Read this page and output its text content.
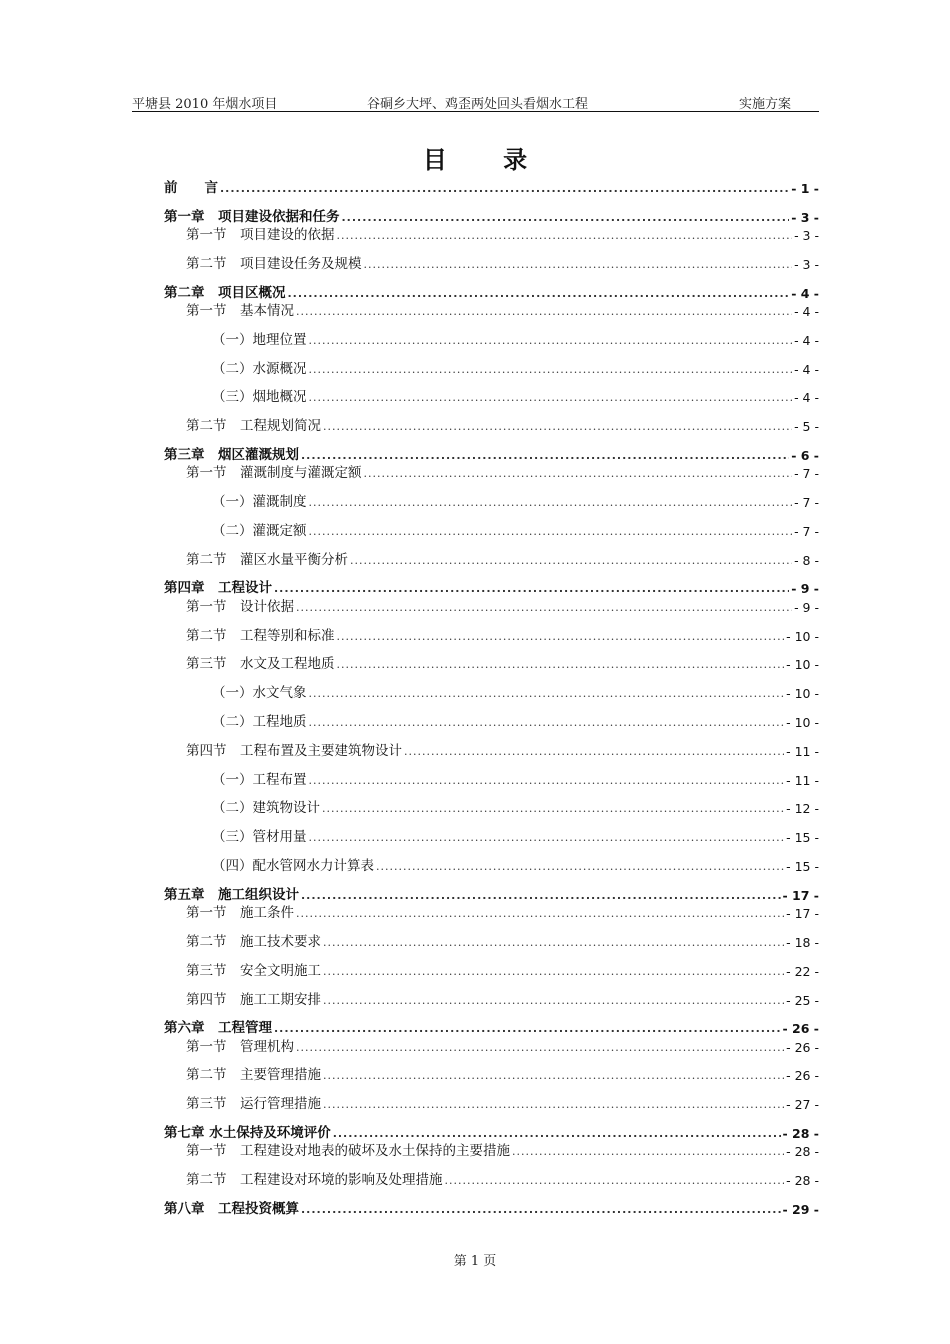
平塘县 2010 年烟水项目	谷硐乡大坪、鸡歪两处回头看烟水工程	实施方案
目 录
前　　言 .....	- 1 -
第一章　项目建设依据和任务 .....	- 3 -
第一节　项目建设的依据 .....	- 3 -
第二节　项目建设任务及规模 .....	- 3 -
第二章　项目区概况 .....	- 4 -
第一节　基本情况 .....	- 4 -
（一）地理位置 .....	- 4 -
（二）水源概况 .....	- 4 -
（三）烟地概况 .....	- 4 -
第二节　工程规划简况 .....	- 5 -
第三章　烟区灌溉规划 .....	- 6 -
第一节　灌溉制度与灌溉定额 .....	- 7 -
（一）灌溉制度 .....	- 7 -
（二）灌溉定额 .....	- 7 -
第二节　灌区水量平衡分析 .....	- 8 -
第四章　工程设计 .....	- 9 -
第一节　设计依据 .....	- 9 -
第二节　工程等别和标准 .....	- 10 -
第三节　水文及工程地质 .....	- 10 -
（一）水文气象 .....	- 10 -
（二）工程地质 .....	- 10 -
第四节　工程布置及主要建筑物设计 .....	- 11 -
（一）工程布置 .....	- 11 -
（二）建筑物设计 .....	- 12 -
（三）管材用量 .....	- 15 -
（四）配水管网水力计算表 .....	- 15 -
第五章　施工组织设计 .....	- 17 -
第一节　施工条件 .....	- 17 -
第二节　施工技术要求 .....	- 18 -
第三节　安全文明施工 .....	- 22 -
第四节　施工工期安排 .....	- 25 -
第六章　工程管理 .....	- 26 -
第一节　管理机构 .....	- 26 -
第二节　主要管理措施 .....	- 26 -
第三节　运行管理措施 .....	- 27 -
第七章 水土保持及环境评价 .....	- 28 -
第一节　工程建设对地表的破坏及水土保持的主要措施 .....	- 28 -
第二节　工程建设对环境的影响及处理措施 .....	- 28 -
第八章　工程投资概算 .....	- 29 -
第 1 页
